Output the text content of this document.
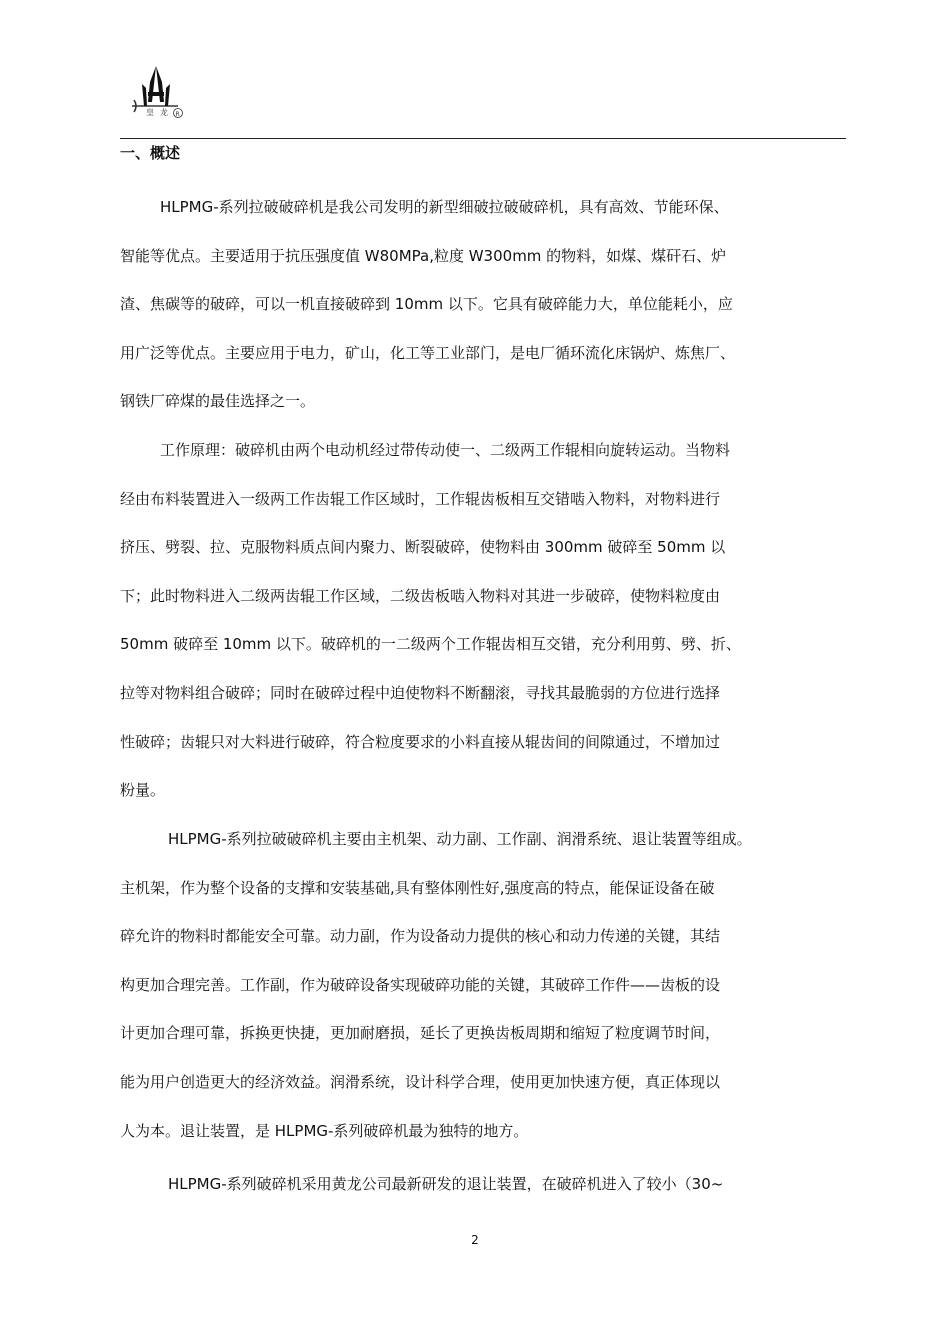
皇 龙 R
一、概述
HLPMG-系列拉破破碎机是我公司发明的新型细破拉破破碎机，具有高效、节能环保、
智能等优点。主要适用于抗压强度值 W80MPa,粒度 W300mm 的物料，如煤、煤矸石、炉
渣、焦碳等的破碎，可以一机直接破碎到 10mm 以下。它具有破碎能力大，单位能耗小，应
用广泛等优点。主要应用于电力，矿山，化工等工业部门，是电厂循环流化床锅炉、炼焦厂、
钢铁厂碎煤的最佳选择之一。
工作原理：破碎机由两个电动机经过带传动使一、二级两工作辊相向旋转运动。当物料
经由布料装置进入一级两工作齿辊工作区域时，工作辊齿板相互交错啮入物料，对物料进行
挤压、劈裂、拉、克服物料质点间内聚力、断裂破碎，使物料由 300mm 破碎至 50mm 以
下；此时物料进入二级两齿辊工作区域，二级齿板啮入物料对其进一步破碎，使物料粒度由
50mm 破碎至 10mm 以下。破碎机的一二级两个工作辊齿相互交错，充分利用剪、劈、折、
拉等对物料组合破碎；同时在破碎过程中迫使物料不断翻滚，寻找其最脆弱的方位进行选择
性破碎；齿辊只对大料进行破碎，符合粒度要求的小料直接从辊齿间的间隙通过，不增加过
粉量。
HLPMG-系列拉破破碎机主要由主机架、动力副、工作副、润滑系统、退让装置等组成。
主机架，作为整个设备的支撑和安装基础,具有整体刚性好,强度高的特点，能保证设备在破
碎允许的物料时都能安全可靠。动力副，作为设备动力提供的核心和动力传递的关键，其结
构更加合理完善。工作副，作为破碎设备实现破碎功能的关键，其破碎工作件——齿板的设
计更加合理可靠，拆换更快捷，更加耐磨损，延长了更换齿板周期和缩短了粒度调节时间，
能为用户创造更大的经济效益。润滑系统，设计科学合理，使用更加快速方便，真正体现以
人为本。退让装置，是 HLPMG-系列破碎机最为独特的地方。
HLPMG-系列破碎机采用黄龙公司最新研发的退让装置，在破碎机进入了较小（30~
2
